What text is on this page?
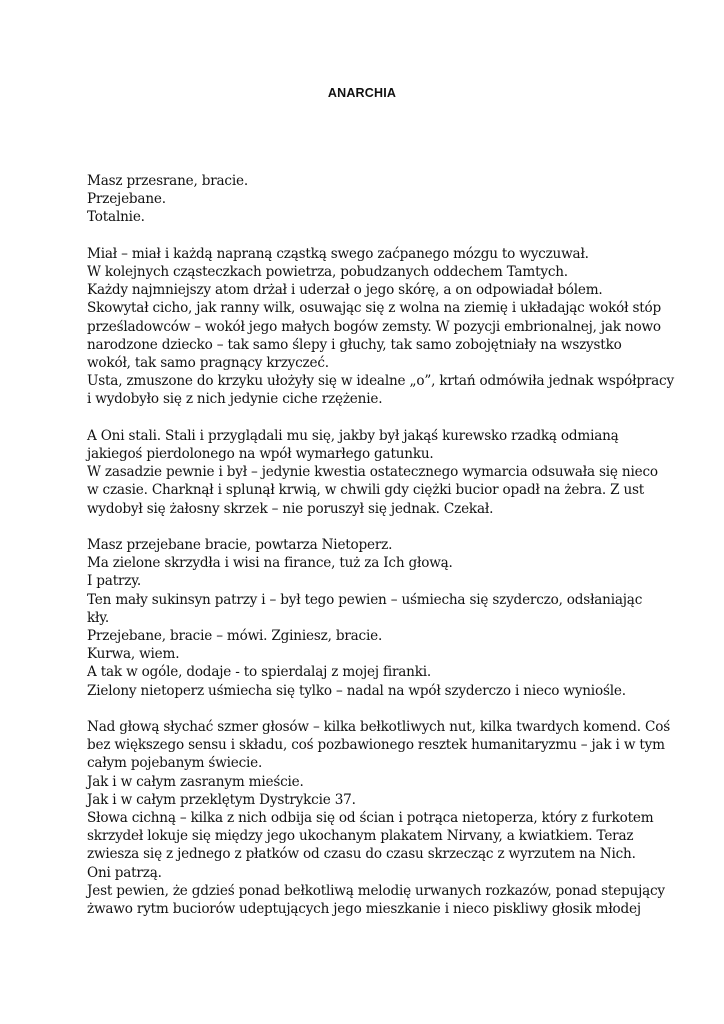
ANARCHIA
Masz przesrane, bracie.
Przejebane.
Totalnie.
Miał – miał i każdą napraną cząstką swego zaćpanego mózgu to wyczuwał.
W kolejnych cząsteczkach powietrza, pobudzanych oddechem Tamtych.
Każdy najmniejszy atom drżał i uderzał o jego skórę, a on odpowiadał bólem.
Skowytał cicho, jak ranny wilk, osuwając się z wolna na ziemię i układając wokół stóp
prześladowców – wokół jego małych bogów zemsty. W pozycji embrionalnej, jak nowo
narodzone dziecko – tak samo ślepy i głuchy, tak samo zobojętniały na wszystko
wokół, tak samo pragnący krzyczeć.
Usta, zmuszone do krzyku ułożyły się w idealne „o”, krtań odmówiła jednak współpracy
i wydobyło się z nich jedynie ciche rzężenie.
A Oni stali. Stali i przyglądali mu się, jakby był jakąś kurewsko rzadką odmianą
jakiegoś pierdolonego na wpół wymarłego gatunku.
W zasadzie pewnie i był – jedynie kwestia ostatecznego wymarcia odsuwała się nieco
w czasie. Charknął i splunął krwią, w chwili gdy ciężki bucior opadł na żebra. Z ust
wydobył się żałosny skrzek – nie poruszył się jednak. Czekał.
Masz przejebane bracie, powtarza Nietoperz.
Ma zielone skrzydła i wisi na firance, tuż za Ich głową.
I patrzy.
Ten mały sukinsyn patrzy i – był tego pewien – uśmiecha się szyderczo, odsłaniając
kły.
Przejebane, bracie – mówi. Zginiesz, bracie.
Kurwa, wiem.
A tak w ogóle, dodaje - to spierdalaj z mojej firanki.
Zielony nietoperz uśmiecha się tylko – nadal na wpół szyderczo i nieco wyniośle.
Nad głową słychać szmer głosów – kilka bełkotliwych nut, kilka twardych komend. Coś
bez większego sensu i składu, coś pozbawionego resztek humanitaryzmu – jak i w tym
całym pojebanym świecie.
Jak i w całym zasranym mieście.
Jak i w całym przeklętym Dystrykcie 37.
Słowa cichną – kilka z nich odbija się od ścian i potrąca nietoperza, który z furkotem
skrzydeł lokuje się między jego ukochanym plakatem Nirvany, a kwiatkiem. Teraz
zwiesza się z jednego z płatków od czasu do czasu skrzecząc z wyrzutem na Nich.
Oni patrzą.
Jest pewien, że gdzieś ponad bełkotliwą melodię urwanych rozkazów, ponad stepujący
żwawo rytm buciorów udeptujących jego mieszkanie i nieco piskliwy głosik młodej
